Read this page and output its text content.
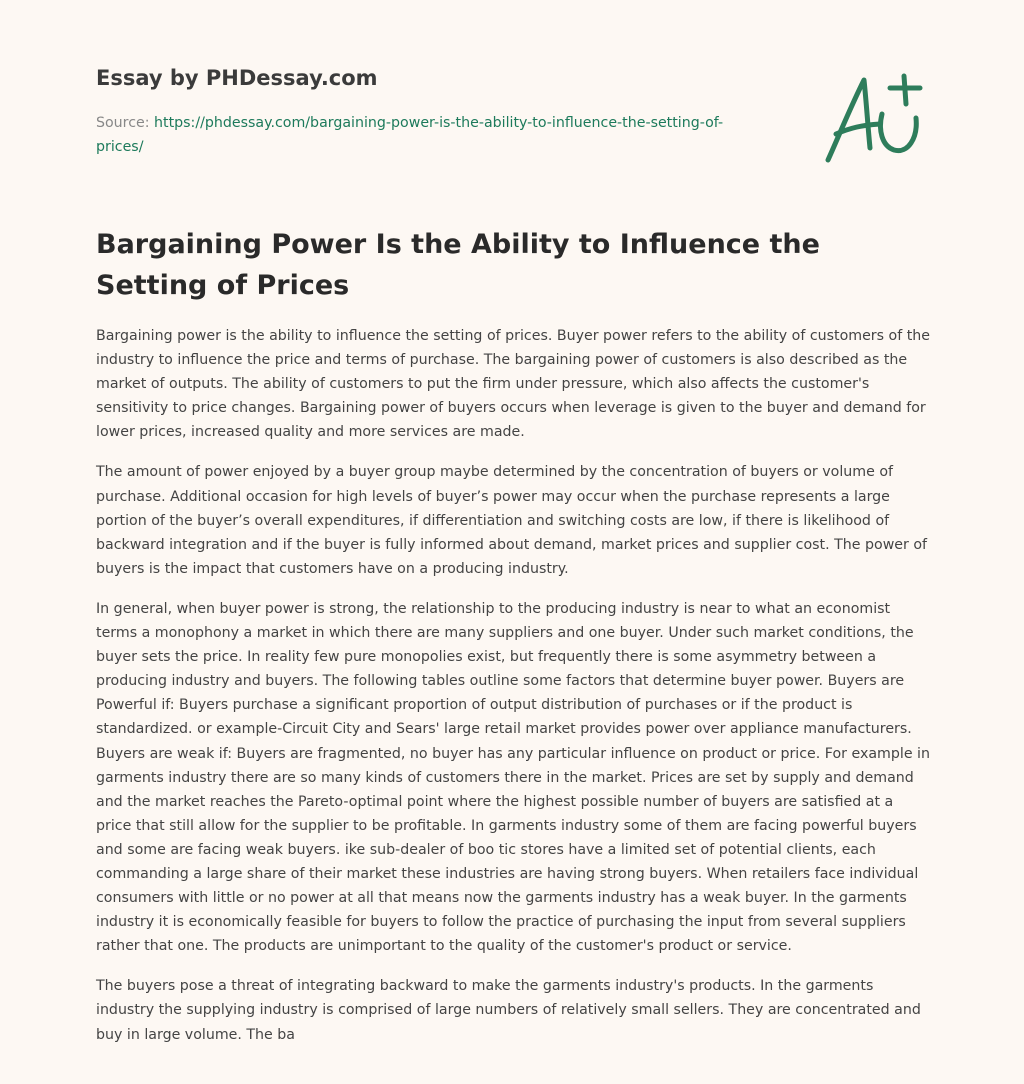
Essay by PHDessay.com
Source: https://phdessay.com/bargaining-power-is-the-ability-to-influence-the-setting-of-prices/
Bargaining Power Is the Ability to Influence the Setting of Prices

Bargaining power is the ability to influence the setting of prices. Buyer power refers to the ability of customers of the industry to influence the price and terms of purchase. The bargaining power of customers is also described as the market of outputs. The ability of customers to put the firm under pressure, which also affects the customer's sensitivity to price changes. Bargaining power of buyers occurs when leverage is given to the buyer and demand for lower prices, increased quality and more services are made.

The amount of power enjoyed by a buyer group maybe determined by the concentration of buyers or volume of purchase. Additional occasion for high levels of buyer’s power may occur when the purchase represents a large portion of the buyer’s overall expenditures, if differentiation and switching costs are low, if there is likelihood of backward integration and if the buyer is fully informed about demand, market prices and supplier cost. The power of buyers is the impact that customers have on a producing industry.

In general, when buyer power is strong, the relationship to the producing industry is near to what an economist terms a monophony a market in which there are many suppliers and one buyer. Under such market conditions, the buyer sets the price. In reality few pure monopolies exist, but frequently there is some asymmetry between a producing industry and buyers. The following tables outline some factors that determine buyer power. Buyers are Powerful if: Buyers purchase a significant proportion of output distribution of purchases or if the product is standardized. or example-Circuit City and Sears' large retail market provides power over appliance manufacturers. Buyers are weak if: Buyers are fragmented, no buyer has any particular influence on product or price. For example in garments industry there are so many kinds of customers there in the market. Prices are set by supply and demand and the market reaches the Pareto-optimal point where the highest possible number of buyers are satisfied at a price that still allow for the supplier to be profitable. In garments industry some of them are facing powerful buyers and some are facing weak buyers. ike sub-dealer of boo tic stores have a limited set of potential clients, each commanding a large share of their market these industries are having strong buyers. When retailers face individual consumers with little or no power at all that means now the garments industry has a weak buyer. In the garments industry it is economically feasible for buyers to follow the practice of purchasing the input from several suppliers rather that one. The products are unimportant to the quality of the customer's product or service.

The buyers pose a threat of integrating backward to make the garments industry's products. In the garments industry the supplying industry is comprised of large numbers of relatively small sellers. They are concentrated and buy in large volume. The ba
